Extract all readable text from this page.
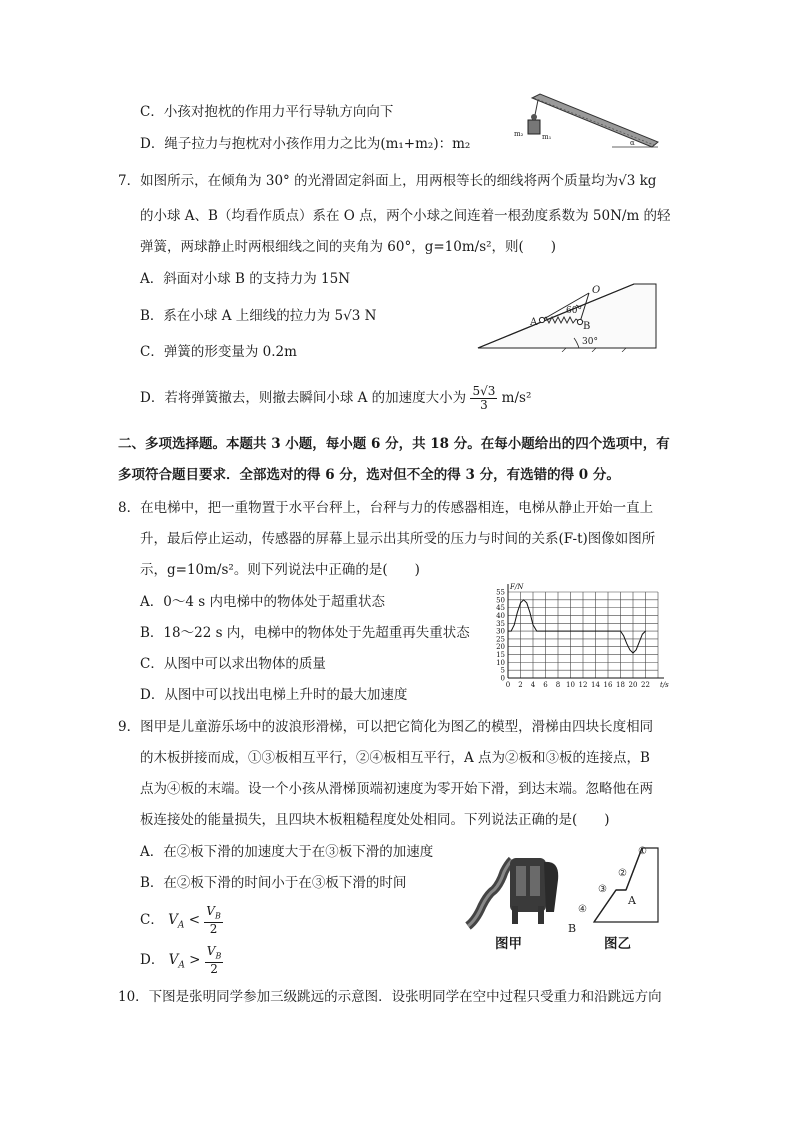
C．小孩对抱枕的作用力平行导轨方向向下
D．绳子拉力与抱枕对小孩作用力之比为(m₁+m₂)：m₂
m₂	m₁
α
7．如图所示，在倾角为 30° 的光滑固定斜面上，用两根等长的细线将两个质量均为√3 kg
的小球 A、B（均看作质点）系在 O 点，两个小球之间连着一根劲度系数为 50N/m 的轻
弹簧，两球静止时两根细线之间的夹角为 60°，g=10m/s²，则(　　)
A．斜面对小球 B 的支持力为 15N
B．系在小球 A 上细线的拉力为 5√3 N
C．弹簧的形变量为 0.2m
D．若将弹簧撤去，则撤去瞬间小球 A 的加速度大小为 $\frac{5√3}{3} m/s^2$
O
A	B
60°
30°
二、多项选择题。本题共 3 小题，每小题 6 分，共 18 分。在每小题给出的四个选项中，有
多项符合题目要求．全部选对的得 6 分，选对但不全的得 3 分，有选错的得 0 分。
8．在电梯中，把一重物置于水平台秤上，台秤与力的传感器相连，电梯从静止开始一直上
升，最后停止运动，传感器的屏幕上显示出其所受的压力与时间的关系(F-t)图像如图所
示，g=10m/s²。则下列说法中正确的是(　　)
A．0～4 s 内电梯中的物体处于超重状态
B．18～22 s 内，电梯中的物体处于先超重再失重状态
C．从图中可以求出物体的质量
D．从图中可以找出电梯上升时的最大加速度
0 2 4 6 8 10 12 14 16 18 20 22
0
5
10
15
20
25
30
35
40
45
50
55
F/N
t/s
9．图甲是儿童游乐场中的波浪形滑梯，可以把它简化为图乙的模型，滑梯由四块长度相同
的木板拼接而成，①③板相互平行，②④板相互平行，A 点为②板和③板的连接点，B
点为④板的末端。设一个小孩从滑梯顶端初速度为零开始下滑，到达末端。忽略他在两
板连接处的能量损失，且四块木板粗糙程度处处相同。下列说法正确的是(　　)
A．在②板下滑的加速度大于在③板下滑的加速度
B．在②板下滑的时间小于在③板下滑的时间
C． $V_A < \frac{V_B}{2}$
D． $V_A > \frac{V_B}{2}$
图甲
①
②
③
④
A
B
图乙
10．下图是张明同学参加三级跳远的示意图．设张明同学在空中过程只受重力和沿跳远方向
